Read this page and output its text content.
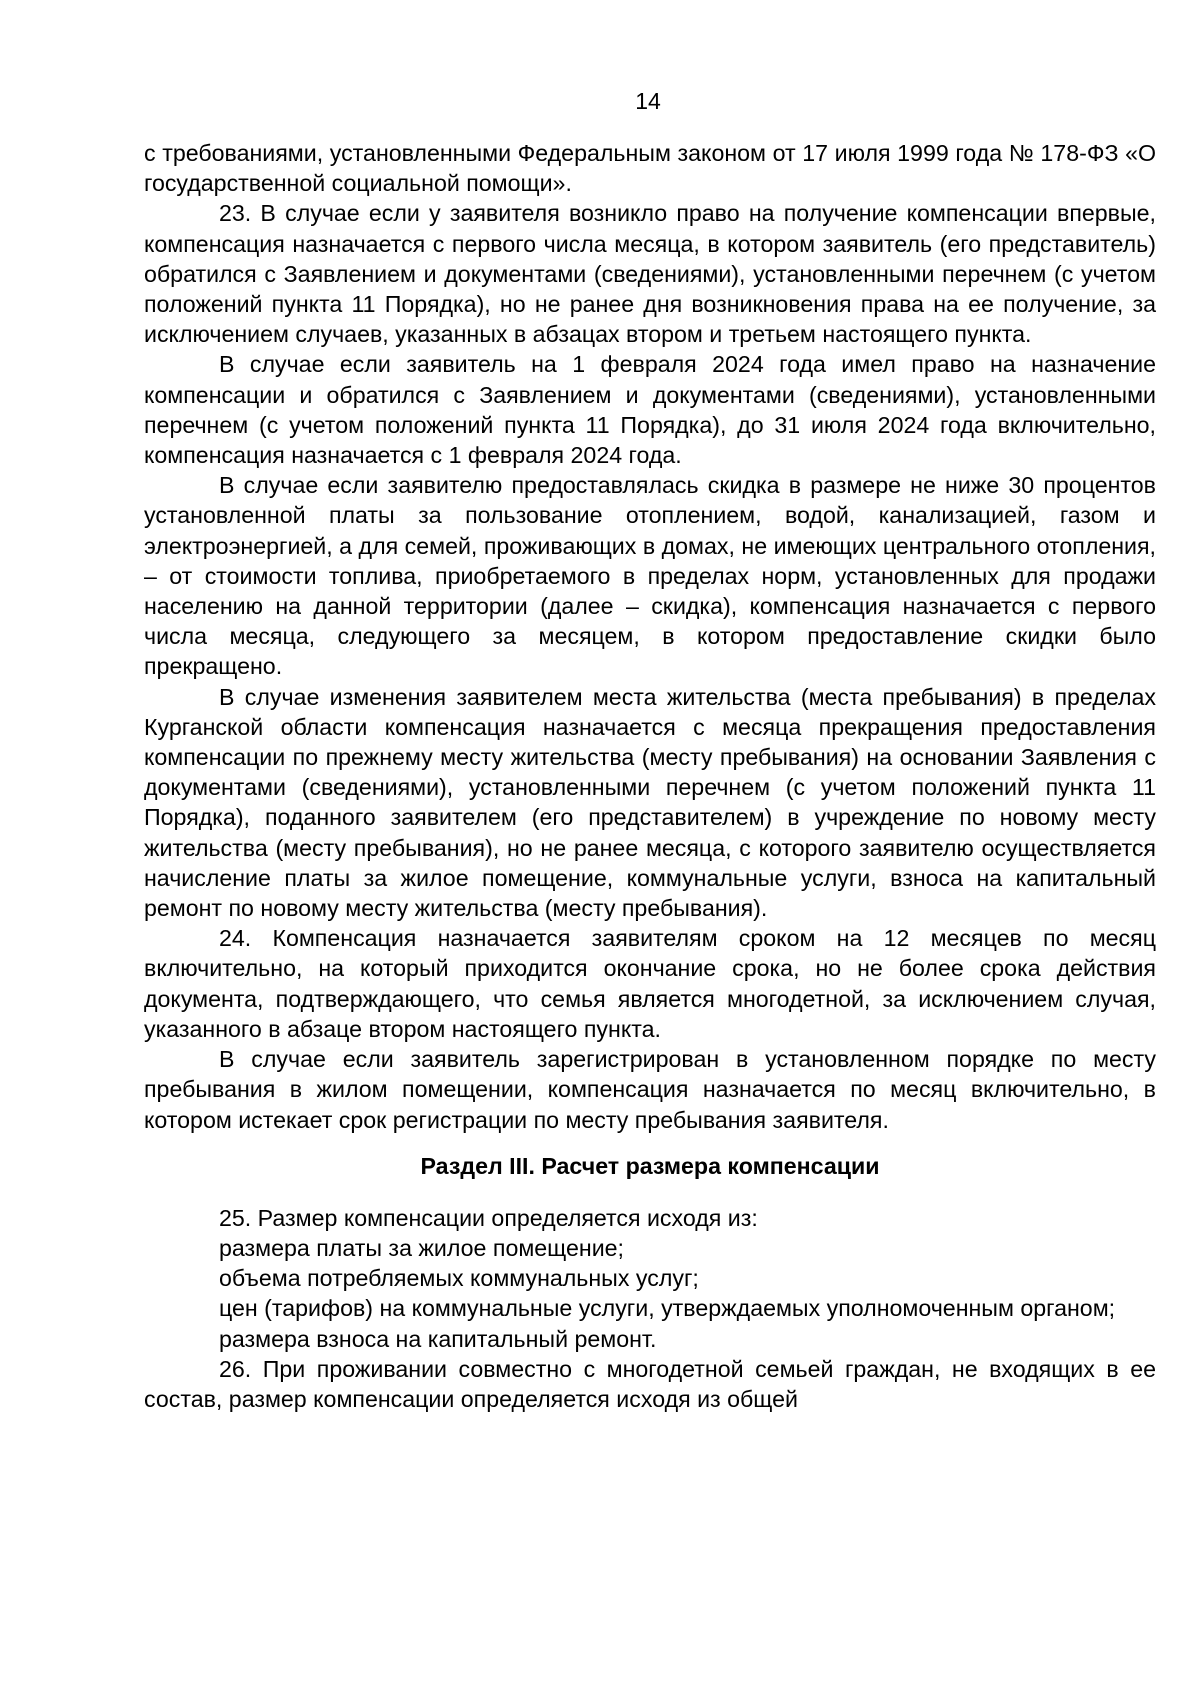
14

с требованиями, установленными Федеральным законом от 17 июля 1999 года № 178-ФЗ «О государственной социальной помощи».

23. В случае если у заявителя возникло право на получение компенсации впервые, компенсация назначается с первого числа месяца, в котором заявитель (его представитель) обратился с Заявлением и документами (сведениями), установленными перечнем (с учетом положений пункта 11 Порядка), но не ранее дня возникновения права на ее получение, за исключением случаев, указанных в абзацах втором и третьем настоящего пункта.

В случае если заявитель на 1 февраля 2024 года имел право на назначение компенсации и обратился с Заявлением и документами (сведениями), установленными перечнем (с учетом положений пункта 11 Порядка), до 31 июля 2024 года включительно, компенсация назначается с 1 февраля 2024 года.

В случае если заявителю предоставлялась скидка в размере не ниже 30 процентов установленной платы за пользование отоплением, водой, канализацией, газом и электроэнергией, а для семей, проживающих в домах, не имеющих центрального отопления, – от стоимости топлива, приобретаемого в пределах норм, установленных для продажи населению на данной территории (далее – скидка), компенсация назначается с первого числа месяца, следующего за месяцем, в котором предоставление скидки было прекращено.

В случае изменения заявителем места жительства (места пребывания) в пределах Курганской области компенсация назначается с месяца прекращения предоставления компенсации по прежнему месту жительства (месту пребывания) на основании Заявления с документами (сведениями), установленными перечнем (с учетом положений пункта 11 Порядка), поданного заявителем (его представителем) в учреждение по новому месту жительства (месту пребывания), но не ранее месяца, с которого заявителю осуществляется начисление платы за жилое помещение, коммунальные услуги, взноса на капитальный ремонт по новому месту жительства (месту пребывания).

24. Компенсация назначается заявителям сроком на 12 месяцев по месяц включительно, на который приходится окончание срока, но не более срока действия документа, подтверждающего, что семья является многодетной, за исключением случая, указанного в абзаце втором настоящего пункта.

В случае если заявитель зарегистрирован в установленном порядке по месту пребывания в жилом помещении, компенсация назначается по месяц включительно, в котором истекает срок регистрации по месту пребывания заявителя.

Раздел III. Расчет размера компенсации

25. Размер компенсации определяется исходя из:

размера платы за жилое помещение;

объема потребляемых коммунальных услуг;

цен (тарифов) на коммунальные услуги, утверждаемых уполномоченным органом;

размера взноса на капитальный ремонт.

26. При проживании совместно с многодетной семьей граждан, не входящих в ее состав, размер компенсации определяется исходя из общей
